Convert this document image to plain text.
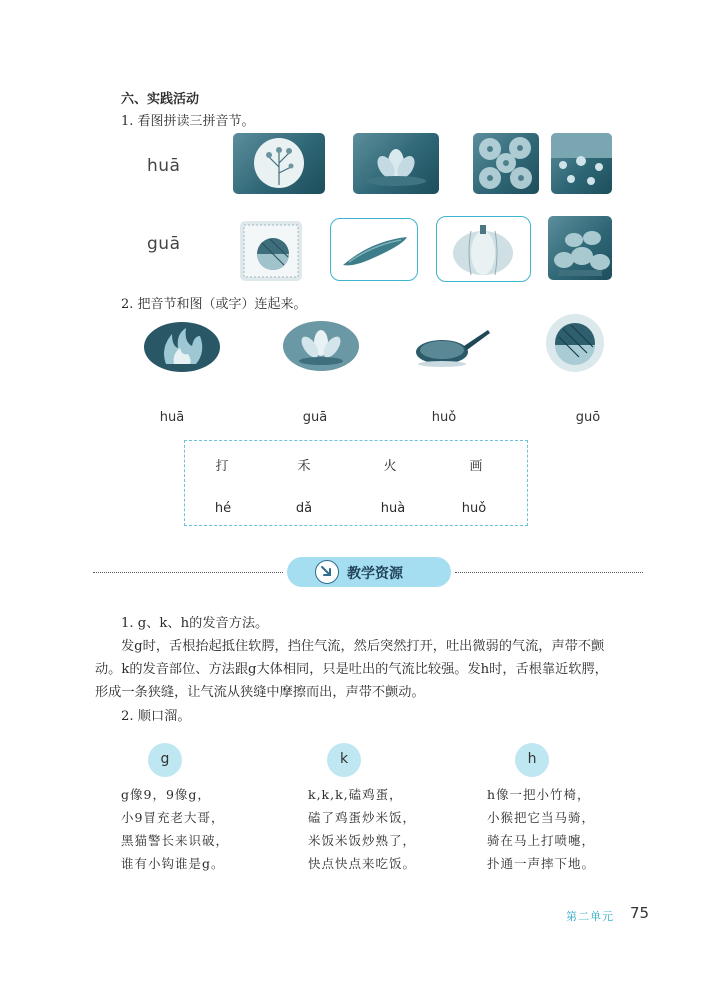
六、实践活动
1. 看图拼读三拼音节。
huā
guā
2. 把音节和图（或字）连起来。
huā	guā	huǒ	guō
打	禾	火	画
hé	dǎ	huà	huǒ
教学资源
1. g、k、h的发音方法。
发g时，舌根抬起抵住软腭，挡住气流，然后突然打开，吐出微弱的气流，声带不颤
动。k的发音部位、方法跟g大体相同，只是吐出的气流比较强。发h时，舌根靠近软腭，
形成一条狭缝，让气流从狭缝中摩擦而出，声带不颤动。
2. 顺口溜。
g	k	h
g像9，9像g，
小9冒充老大哥，
黑猫警长来识破，
谁有小钩谁是g。
k,k,k,磕鸡蛋，
磕了鸡蛋炒米饭，
米饭米饭炒熟了，
快点快点来吃饭。
h像一把小竹椅，
小猴把它当马骑，
骑在马上打喷嚏，
扑通一声摔下地。
第二单元 75
